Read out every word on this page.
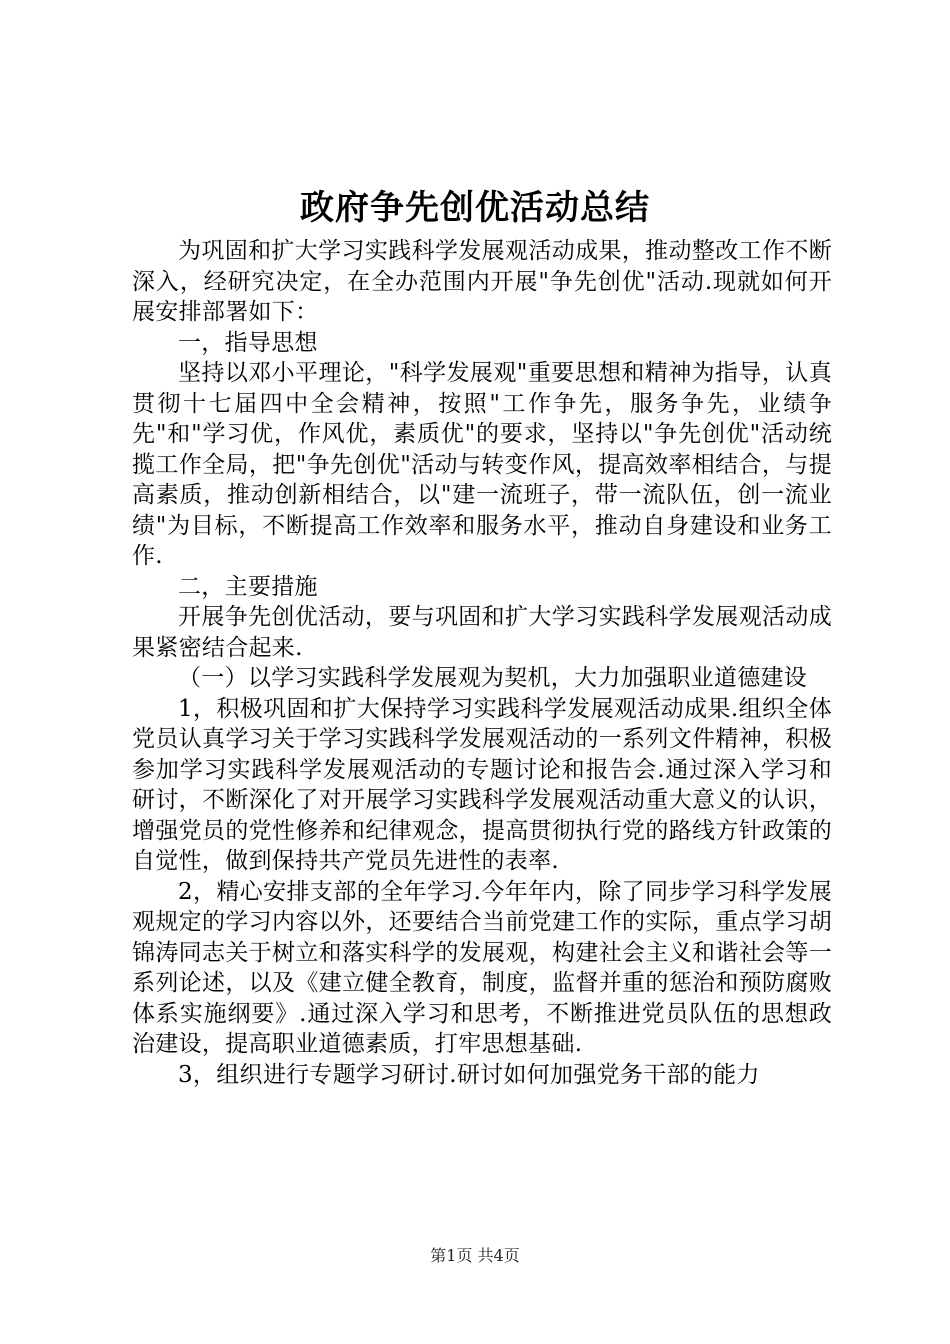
政府争先创优活动总结

为巩固和扩大学习实践科学发展观活动成果，推动整改工作不断深入，经研究决定，在全办范围内开展"争先创优"活动.现就如何开展安排部署如下：

一，指导思想

坚持以邓小平理论，"科学发展观"重要思想和精神为指导，认真贯彻十七届四中全会精神，按照"工作争先，服务争先，业绩争先"和"学习优，作风优，素质优"的要求，坚持以"争先创优"活动统揽工作全局，把"争先创优"活动与转变作风，提高效率相结合，与提高素质，推动创新相结合，以"建一流班子，带一流队伍，创一流业绩"为目标，不断提高工作效率和服务水平，推动自身建设和业务工作.

二，主要措施

开展争先创优活动，要与巩固和扩大学习实践科学发展观活动成果紧密结合起来.

（一）以学习实践科学发展观为契机，大力加强职业道德建设

1，积极巩固和扩大保持学习实践科学发展观活动成果.组织全体党员认真学习关于学习实践科学发展观活动的一系列文件精神，积极参加学习实践科学发展观活动的专题讨论和报告会.通过深入学习和研讨，不断深化了对开展学习实践科学发展观活动重大意义的认识，增强党员的党性修养和纪律观念，提高贯彻执行党的路线方针政策的自觉性，做到保持共产党员先进性的表率.

2，精心安排支部的全年学习.今年年内，除了同步学习科学发展观规定的学习内容以外，还要结合当前党建工作的实际，重点学习胡锦涛同志关于树立和落实科学的发展观，构建社会主义和谐社会等一系列论述，以及《建立健全教育，制度，监督并重的惩治和预防腐败体系实施纲要》.通过深入学习和思考，不断推进党员队伍的思想政治建设，提高职业道德素质，打牢思想基础.

3，组织进行专题学习研讨.研讨如何加强党务干部的能力

第1页 共4页
